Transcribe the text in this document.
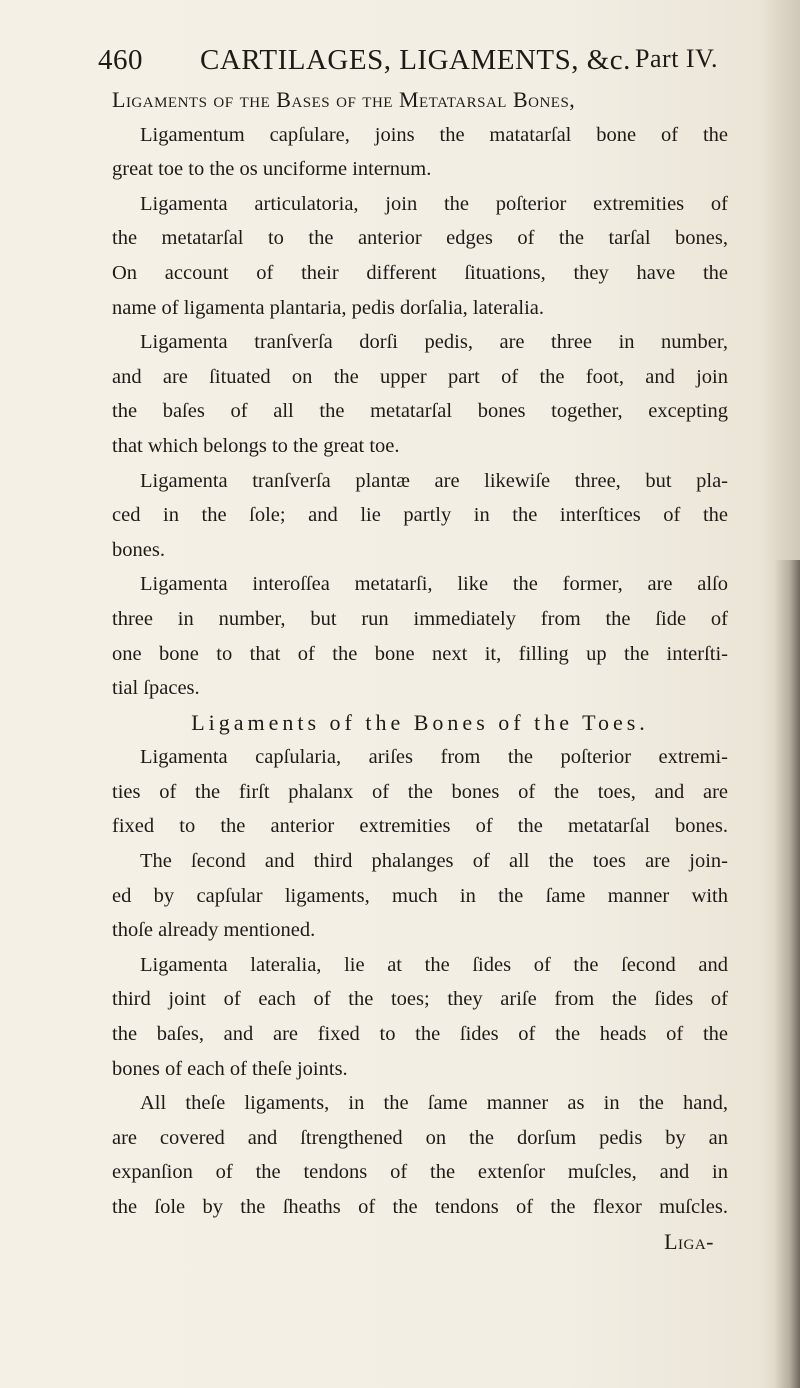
460 CARTILAGES, LIGAMENTS, &c. Part IV.
Ligaments of the Bases of the Metatarsal Bones,
Ligamentum capſulare, joins the matatarſal bone of the
great toe to the os unciforme internum.
Ligamenta articulatoria, join the poſterior extremities of
the metatarſal to the anterior edges of the tarſal bones,
On account of their different ſituations, they have the
name of ligamenta plantaria, pedis dorſalia, lateralia.
Ligamenta tranſverſa dorſi pedis, are three in number,
and are ſituated on the upper part of the foot, and join
the baſes of all the metatarſal bones together, excepting
that which belongs to the great toe.
Ligamenta tranſverſa plantæ are likewiſe three, but pla-
ced in the ſole; and lie partly in the interſtices of the
bones.
Ligamenta interoſſea metatarſi, like the former, are alſo
three in number, but run immediately from the ſide of
one bone to that of the bone next it, filling up the interſti-
tial ſpaces.
Ligaments of the Bones of the Toes.
Ligamenta capſularia, ariſes from the poſterior extremi-
ties of the firſt phalanx of the bones of the toes, and are
fixed to the anterior extremities of the metatarſal bones.
The ſecond and third phalanges of all the toes are join-
ed by capſular ligaments, much in the ſame manner with
thoſe already mentioned.
Ligamenta lateralia, lie at the ſides of the ſecond and
third joint of each of the toes; they ariſe from the ſides of
the baſes, and are fixed to the ſides of the heads of the
bones of each of theſe joints.
All theſe ligaments, in the ſame manner as in the hand,
are covered and ſtrengthened on the dorſum pedis by an
expanſion of the tendons of the extenſor muſcles, and in
the ſole by the ſheaths of the tendons of the flexor muſcles.
Liga-
